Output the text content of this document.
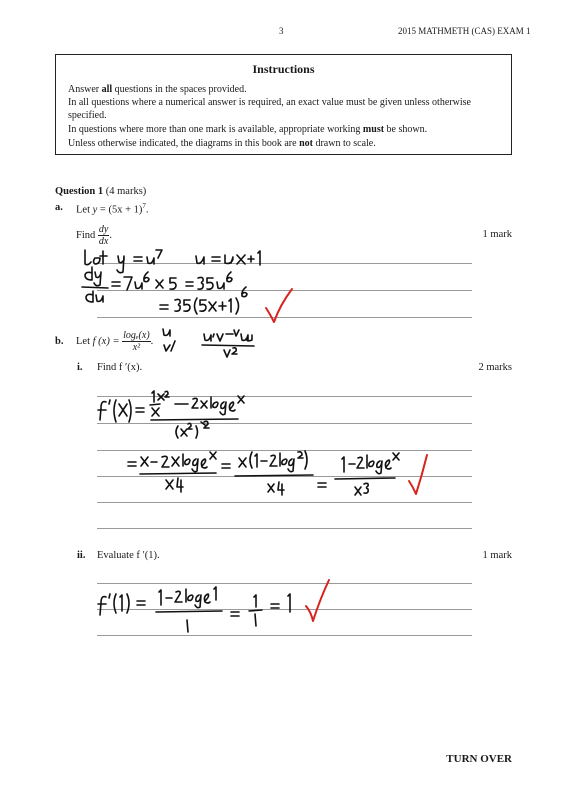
3	2015 MATHMETH (CAS) EXAM 1
Instructions
Answer all questions in the spaces provided.
In all questions where a numerical answer is required, an exact value must be given unless otherwise specified.
In questions where more than one mark is available, appropriate working must be shown.
Unless otherwise indicated, the diagrams in this book are not drawn to scale.
Question 1 (4 marks)
a. Let $y = (5x + 1)^7$.
Find $\frac{dy}{dx}$ .	1 mark
b. Let f $(x) = \frac{\text{logₑ(x)}}{\text{x²}}$ .
i. Find f ′(x).	2 marks
ii. Evaluate f ′(1).	1 mark
TURN OVER
